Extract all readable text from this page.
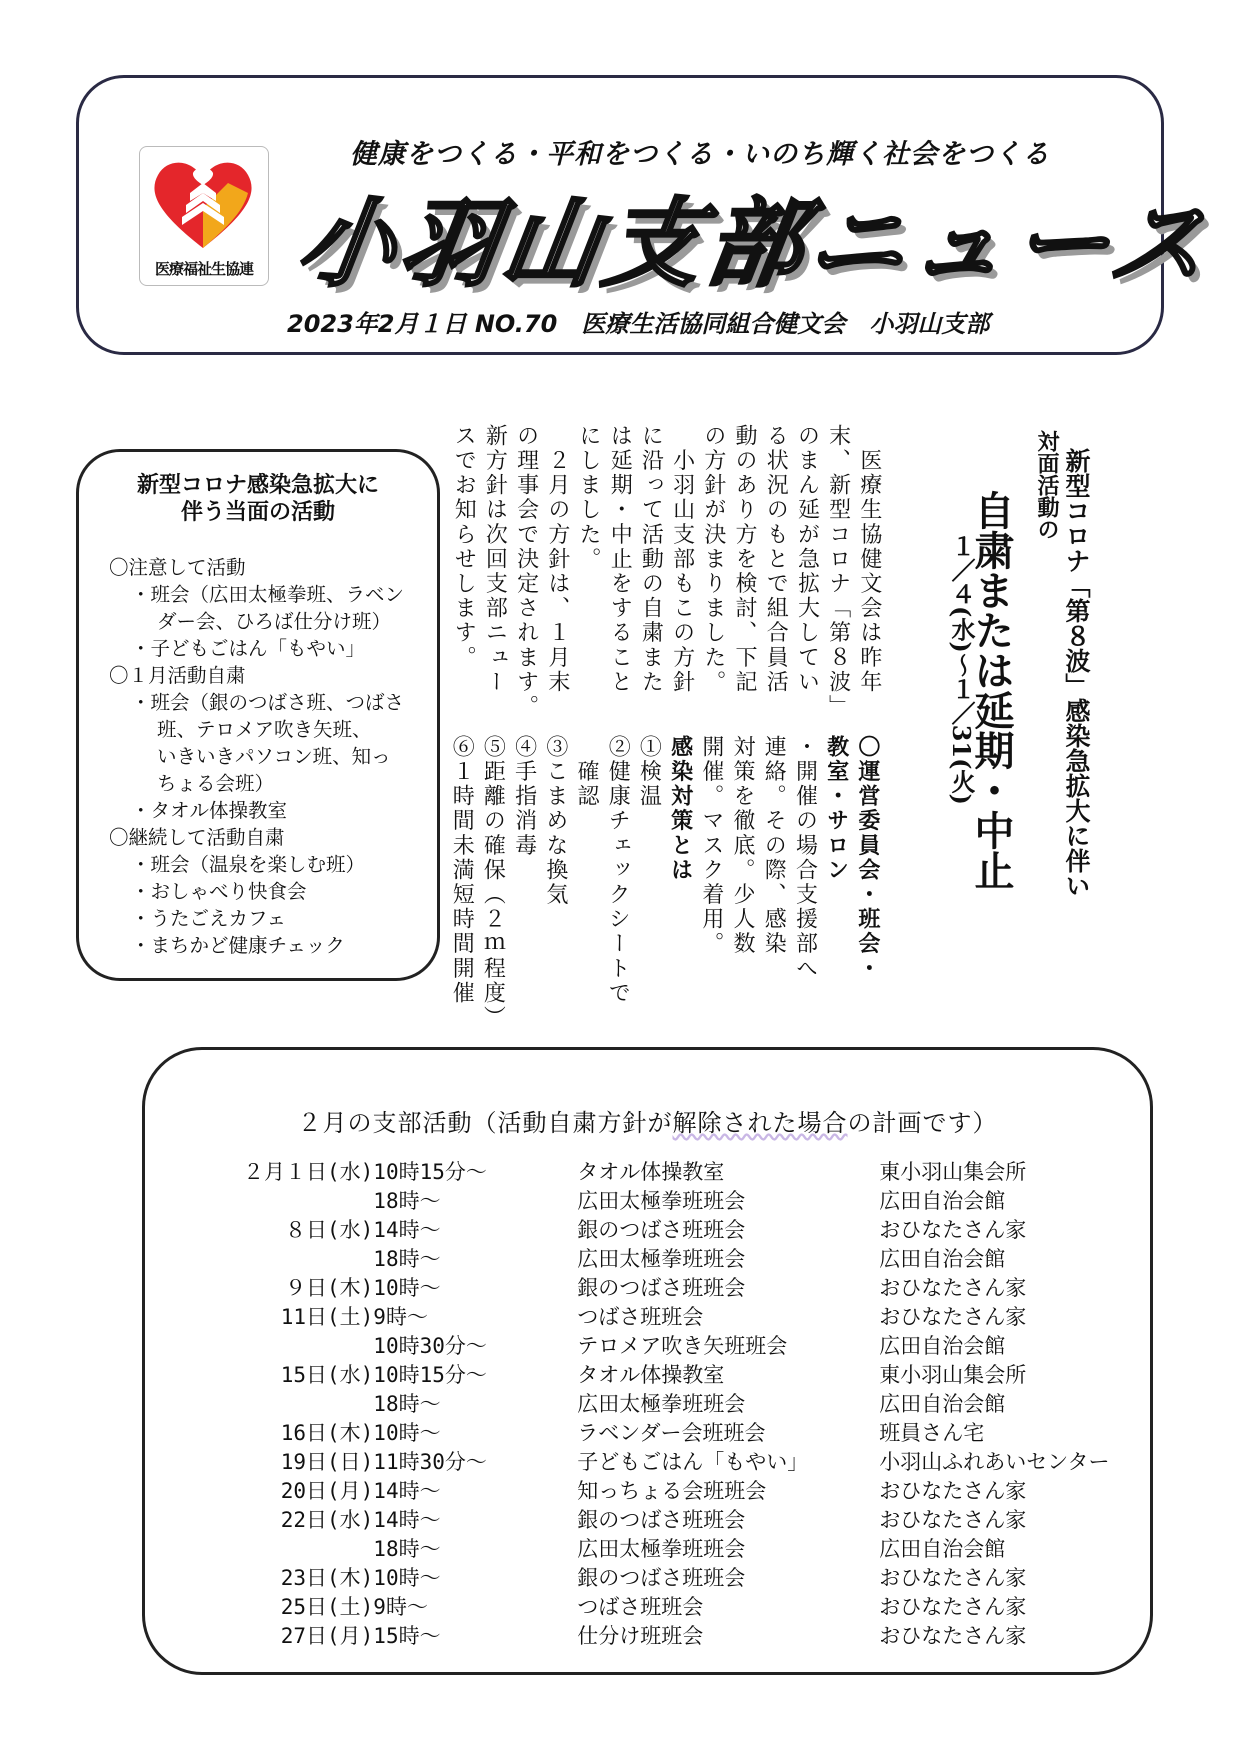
医療福祉生協連
健康をつくる・平和をつくる・いのち輝く社会をつくる
小羽山支部ニュース
2023年2月１日 NO.70　医療生活協同組合健文会　小羽山支部
新型コロナ感染急拡大に
伴う当面の活動
〇注意して活動
・班会（広田太極拳班、ラベン
ダー会、ひろば仕分け班）
・子どもごはん「もやい」
〇１月活動自粛
・班会（銀のつばさ班、つばさ
班、テロメア吹き矢班、
いきいきパソコン班、知っ
ちょる会班）
・タオル体操教室
〇継続して活動自粛
・班会（温泉を楽しむ班）
・おしゃべり快食会
・うたごえカフェ
・まちかど健康チェック
新型コロナ「第８波」感染急拡大に伴い
対面活動の
自粛または延期・中止
１／４(水)～１／31(火)
　医療生協健文会は昨年
末、新型コロナ「第８波」
のまん延が急拡大してい
る状況のもとで組合員活
動のあり方を検討、下記
の方針が決まりました。
　小羽山支部もこの方針
に沿って活動の自粛また
は延期・中止をすること
にしました。
　２月の方針は、１月末
の理事会で決定されます。
新方針は次回支部ニュー
スでお知らせします。
〇運営委員会・班会・
教室・サロン
・開催の場合支援部へ
連絡。その際、感染
対策を徹底。少人数
開催。マスク着用。
感染対策とは
①検温
②健康チェックシートで
　確認
③こまめな換気
④手指消毒
⑤距離の確保（２ｍ程度）
⑥１時間未満短時間開催
２月の支部活動（活動自粛方針が解除された場合の計画です）
２月１日(水)	10時15分～	タオル体操教室	東小羽山集会所
	18時～	広田太極拳班班会	広田自治会館
８日(水)	14時～	銀のつばさ班班会	おひなたさん家
	18時～	広田太極拳班班会	広田自治会館
９日(木)	10時～	銀のつばさ班班会	おひなたさん家
11日(土)	9時～	つばさ班班会	おひなたさん家
	10時30分～	テロメア吹き矢班班会	広田自治会館
15日(水)	10時15分～	タオル体操教室	東小羽山集会所
	18時～	広田太極拳班班会	広田自治会館
16日(木)	10時～	ラベンダー会班班会	班員さん宅
19日(日)	11時30分～	子どもごはん「もやい」	小羽山ふれあいセンター
20日(月)	14時～	知っちょる会班班会	おひなたさん家
22日(水)	14時～	銀のつばさ班班会	おひなたさん家
	18時～	広田太極拳班班会	広田自治会館
23日(木)	10時～	銀のつばさ班班会	おひなたさん家
25日(土)	9時～	つばさ班班会	おひなたさん家
27日(月)	15時～	仕分け班班会	おひなたさん家
